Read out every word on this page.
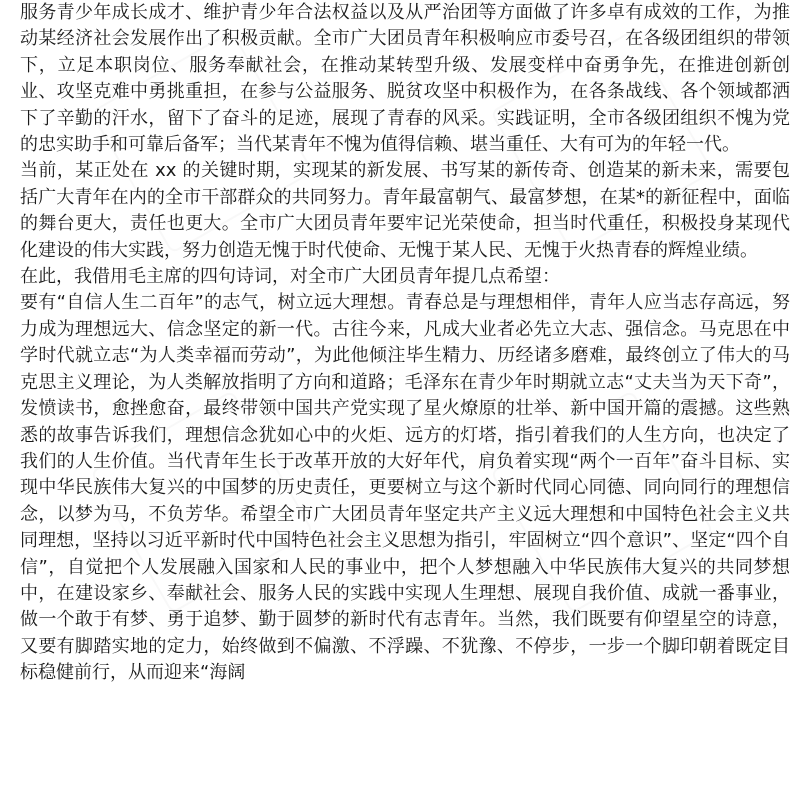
服务青少年成长成才、维护青少年合法权益以及从严治团等方面做了许多卓有成效的工作，为推动某经济社会发展作出了积极贡献。全市广大团员青年积极响应市委号召，在各级团组织的带领下，立足本职岗位、服务奉献社会，在推动某转型升级、发展变样中奋勇争先，在推进创新创业、攻坚克难中勇挑重担，在参与公益服务、脱贫攻坚中积极作为，在各条战线、各个领域都洒下了辛勤的汗水，留下了奋斗的足迹，展现了青春的风采。实践证明，全市各级团组织不愧为党的忠实助手和可靠后备军；当代某青年不愧为值得信赖、堪当重任、大有可为的年轻一代。

当前，某正处在 xx 的关键时期，实现某的新发展、书写某的新传奇、创造某的新未来，需要包括广大青年在内的全市干部群众的共同努力。青年最富朝气、最富梦想，在某*的新征程中，面临的舞台更大，责任也更大。全市广大团员青年要牢记光荣使命，担当时代重任，积极投身某现代化建设的伟大实践，努力创造无愧于时代使命、无愧于某人民、无愧于火热青春的辉煌业绩。

在此，我借用毛主席的四句诗词，对全市广大团员青年提几点希望：

要有“自信人生二百年”的志气，树立远大理想。青春总是与理想相伴，青年人应当志存高远，努力成为理想远大、信念坚定的新一代。古往今来，凡成大业者必先立大志、强信念。马克思在中学时代就立志“为人类幸福而劳动”，为此他倾注毕生精力、历经诸多磨难，最终创立了伟大的马克思主义理论，为人类解放指明了方向和道路；毛泽东在青少年时期就立志“丈夫当为天下奇”，发愤读书，愈挫愈奋，最终带领中国共产党实现了星火燎原的壮举、新中国开篇的震撼。这些熟悉的故事告诉我们，理想信念犹如心中的火炬、远方的灯塔，指引着我们的人生方向，也决定了我们的人生价值。当代青年生长于改革开放的大好年代，肩负着实现“两个一百年”奋斗目标、实现中华民族伟大复兴的中国梦的历史责任，更要树立与这个新时代同心同德、同向同行的理想信念，以梦为马，不负芳华。希望全市广大团员青年坚定共产主义远大理想和中国特色社会主义共同理想，坚持以习近平新时代中国特色社会主义思想为指引，牢固树立“四个意识”、坚定“四个自信”，自觉把个人发展融入国家和人民的事业中，把个人梦想融入中华民族伟大复兴的共同梦想中，在建设家乡、奉献社会、服务人民的实践中实现人生理想、展现自我价值、成就一番事业，做一个敢于有梦、勇于追梦、勤于圆梦的新时代有志青年。当然，我们既要有仰望星空的诗意，又要有脚踏实地的定力，始终做到不偏激、不浮躁、不犹豫、不停步，一步一个脚印朝着既定目标稳健前行，从而迎来“海阔
